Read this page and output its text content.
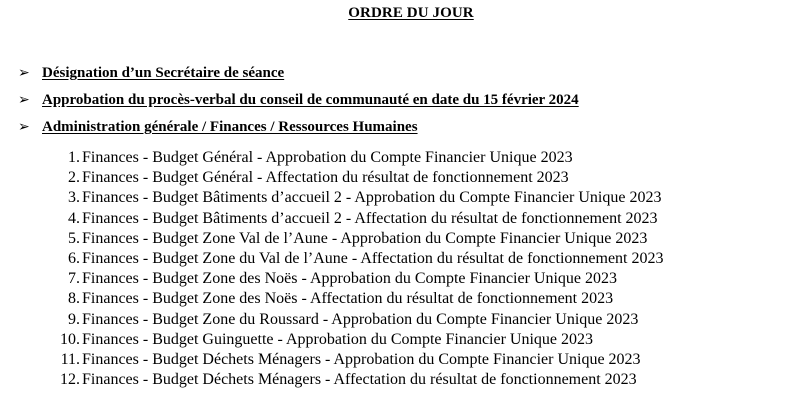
ORDRE DU JOUR
➢ Désignation d’un Secrétaire de séance
➢ Approbation du procès-verbal du conseil de communauté en date du 15 février 2024
➢ Administration générale / Finances / Ressources Humaines
1. Finances - Budget Général - Approbation du Compte Financier Unique 2023
2. Finances - Budget Général - Affectation du résultat de fonctionnement 2023
3. Finances - Budget Bâtiments d’accueil 2 - Approbation du Compte Financier Unique 2023
4. Finances - Budget Bâtiments d’accueil 2 - Affectation du résultat de fonctionnement 2023
5. Finances - Budget Zone Val de l’Aune - Approbation du Compte Financier Unique 2023
6. Finances - Budget Zone du Val de l’Aune - Affectation du résultat de fonctionnement 2023
7. Finances - Budget Zone des Noës - Approbation du Compte Financier Unique 2023
8. Finances - Budget Zone des Noës - Affectation du résultat de fonctionnement 2023
9. Finances - Budget Zone du Roussard - Approbation du Compte Financier Unique 2023
10. Finances - Budget Guinguette - Approbation du Compte Financier Unique 2023
11. Finances - Budget Déchets Ménagers - Approbation du Compte Financier Unique 2023
12. Finances - Budget Déchets Ménagers - Affectation du résultat de fonctionnement 2023
